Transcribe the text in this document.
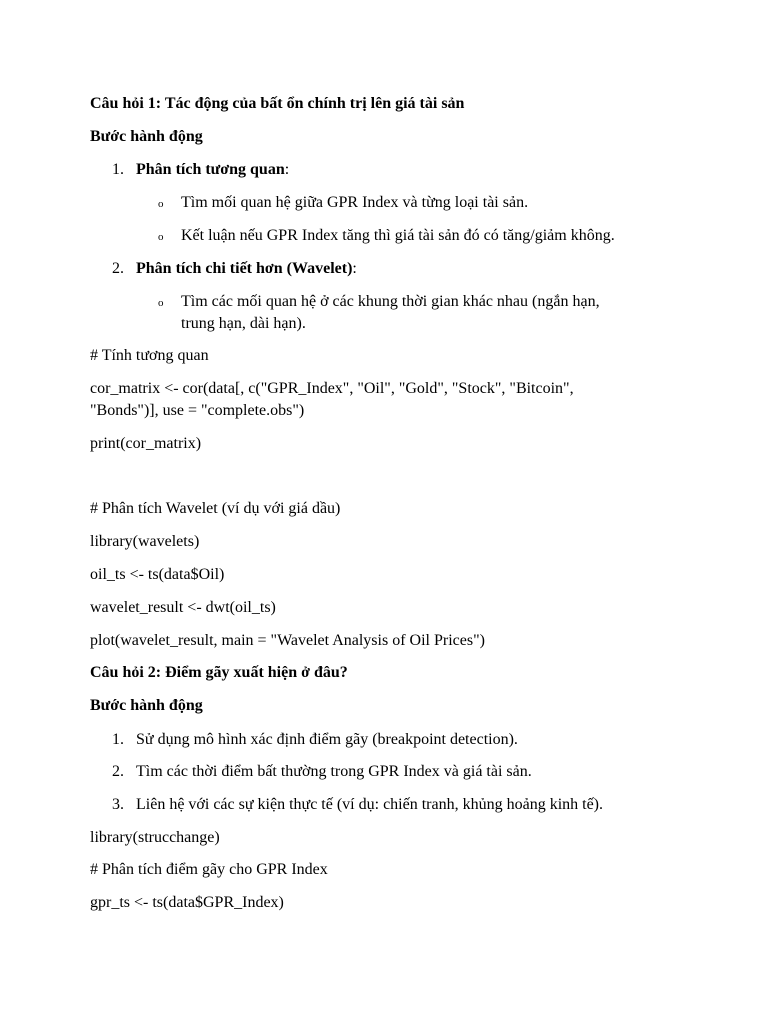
Câu hỏi 1: Tác động của bất ổn chính trị lên giá tài sản

Bước hành động

1. Phân tích tương quan:

o Tìm mối quan hệ giữa GPR Index và từng loại tài sản.

o Kết luận nếu GPR Index tăng thì giá tài sản đó có tăng/giảm không.

2. Phân tích chi tiết hơn (Wavelet):

o Tìm các mối quan hệ ở các khung thời gian khác nhau (ngắn hạn,

trung hạn, dài hạn).

# Tính tương quan

cor_matrix <- cor(data[, c("GPR_Index", "Oil", "Gold", "Stock", "Bitcoin",

"Bonds")], use = "complete.obs")

print(cor_matrix)

# Phân tích Wavelet (ví dụ với giá dầu)

library(wavelets)

oil_ts <- ts(data$Oil)

wavelet_result <- dwt(oil_ts)

plot(wavelet_result, main = "Wavelet Analysis of Oil Prices")

Câu hỏi 2: Điểm gãy xuất hiện ở đâu?

Bước hành động

1. Sử dụng mô hình xác định điểm gãy (breakpoint detection).

2. Tìm các thời điểm bất thường trong GPR Index và giá tài sản.

3. Liên hệ với các sự kiện thực tế (ví dụ: chiến tranh, khủng hoảng kinh tế).

library(strucchange)

# Phân tích điểm gãy cho GPR Index

gpr_ts <- ts(data$GPR_Index)
